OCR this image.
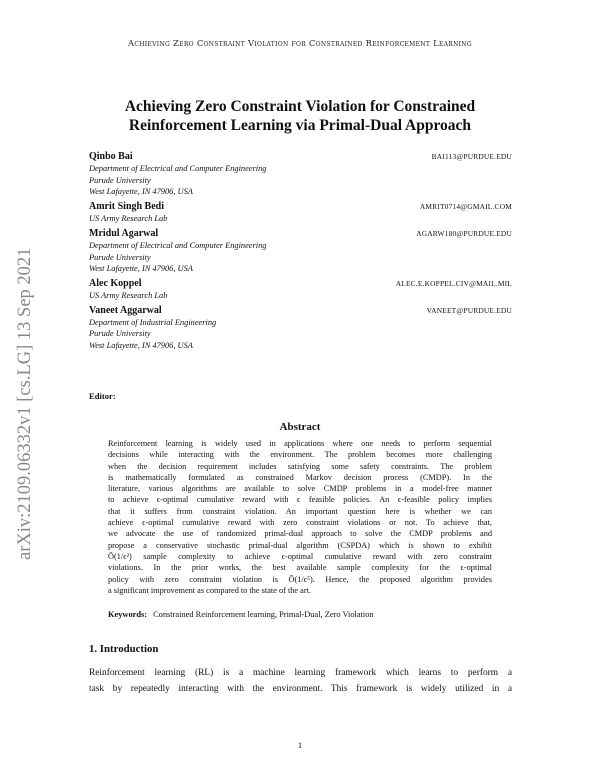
Achieving Zero Constraint Violation for Constrained Reinforcement Learning
arXiv:2109.06332v1 [cs.LG] 13 Sep 2021
Achieving Zero Constraint Violation for Constrained
Reinforcement Learning via Primal-Dual Approach
Qinbo Bai	BAI113@PURDUE.EDU
Department of Electrical and Computer Engineering
Purude University
West Lafayette, IN 47906, USA
Amrit Singh Bedi	AMRIT0714@GMAIL.COM
US Army Research Lab
Mridul Agarwal	AGARW180@PURDUE.EDU
Department of Electrical and Computer Engineering
Purude University
West Lafayette, IN 47906, USA
Alec Koppel	ALEC.E.KOPPEL.CIV@MAIL.MIL
US Army Research Lab
Vaneet Aggarwal	VANEET@PURDUE.EDU
Department of Industrial Engineering
Purude University
West Lafayette, IN 47906, USA
Editor:
Abstract
Reinforcement learning is widely used in applications where one needs to perform sequential
decisions while interacting with the environment. The problem becomes more challenging
when the decision requirement includes satisfying some safety constraints. The problem
is mathematically formulated as constrained Markov decision process (CMDP). In the
literature, various algorithms are available to solve CMDP problems in a model-free manner
to achieve ϵ-optimal cumulative reward with ϵ feasible policies. An ϵ-feasible policy implies
that it suffers from constraint violation. An important question here is whether we can
achieve ϵ-optimal cumulative reward with zero constraint violations or not. To achieve that,
we advocate the use of randomized primal-dual approach to solve the CMDP problems and
propose a conservative stochastic primal-dual algorithm (CSPDA) which is shown to exhibit
Õ(1/ϵ²) sample complexity to achieve ϵ-optimal cumulative reward with zero constraint
violations. In the prior works, the best available sample complexity for the ϵ-optimal
policy with zero constraint violation is Õ(1/ϵ⁵). Hence, the proposed algorithm provides
a significant improvement as compared to the state of the art.
Keywords: Constrained Reinforcement learning, Primal-Dual, Zero Violation
1. Introduction
Reinforcement learning (RL) is a machine learning framework which learns to perform a
task by repeatedly interacting with the environment. This framework is widely utilized in a
1
